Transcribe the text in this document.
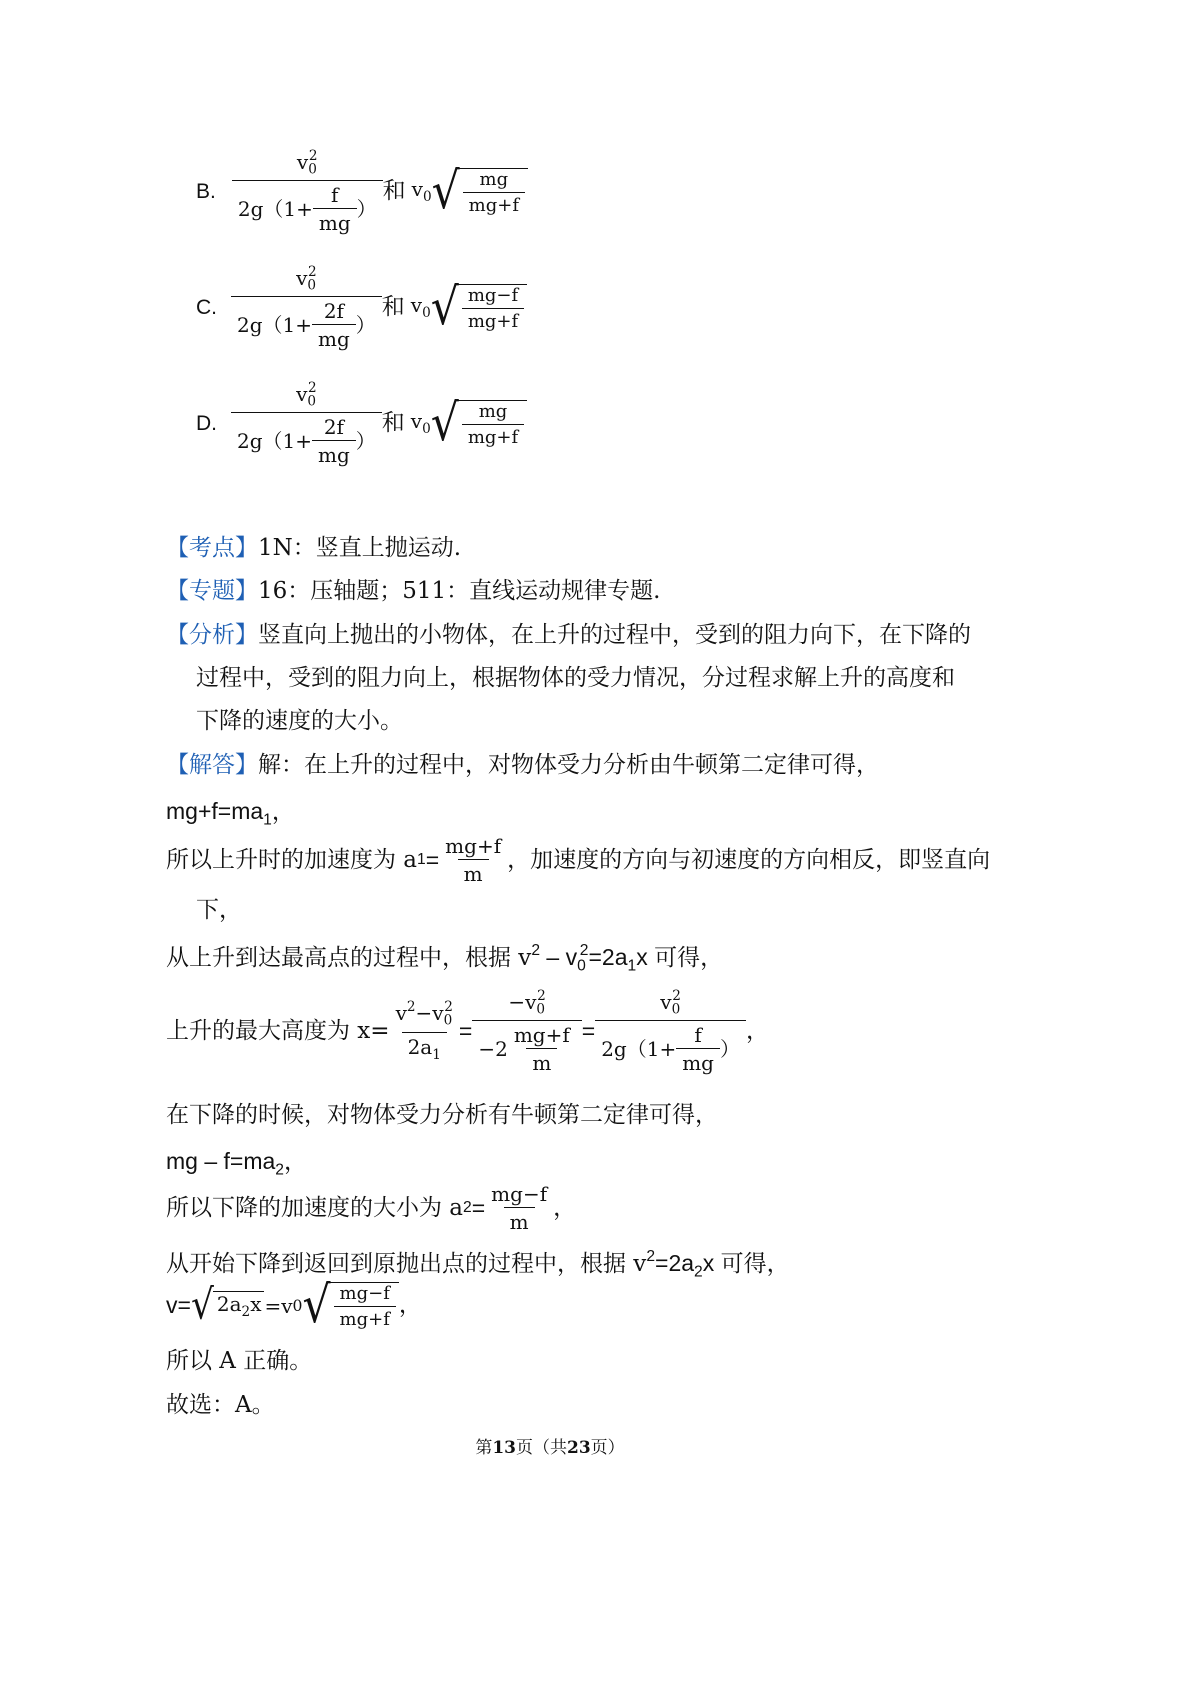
B. $\frac{v_0^2}{2g(1+ \frac{f}{mg} )}$ 和 $v_0$ √ $\frac{mg}{mg+f}$
C. $\frac{v_0^2}{2g(1+ \frac{2f}{mg} )}$ 和 $v_0$ √ $\frac{mg-f}{mg+f}$
D. $\frac{v_0^2}{2g(1+ \frac{2f}{mg} )}$ 和 $v_0$ √ $\frac{mg}{mg+f}$
【考点】1N：竖直上抛运动.
【专题】16：压轴题；511：直线运动规律专题.
【分析】竖直向上抛出的小物体，在上升的过程中，受到的阻力向下，在下降的
过程中，受到的阻力向上，根据物体的受力情况，分过程求解上升的高度和
下降的速度的大小。
【解答】解：在上升的过程中，对物体受力分析由牛顿第二定律可得，
$mg+f=ma_1$，
所以上升时的加速度为 a $1 = \frac{mg+f}{m}$ ，加速度的方向与初速度的方向相反，即竖直向
下，
从上升到达最高点的过程中，根据 $v^2 - v_0^2=2a_1x$ 可得，
上升的最大高度为 $x= \frac{v^2-v_0^2}{2a_1} = \frac{-v_0^2}{-2 \frac{mg+f}{m}} = \frac{v_0^2}{2g(1+ \frac{f}{mg} )}$ ，
在下降的时候，对物体受力分析有牛顿第二定律可得，
mg – $f=ma_2$，
所以下降的加速度的大小为 a $2 = \frac{mg-f}{m}$ ，
从开始下降到返回到原抛出点的过程中，根据 $v^2=2a_2x$ 可得，
v= √ $2a_2x =v$ 0 √ $\frac{mg-f}{mg+f}$ ，
所以 A 正确。
故选：A。
第13页（共23页）
